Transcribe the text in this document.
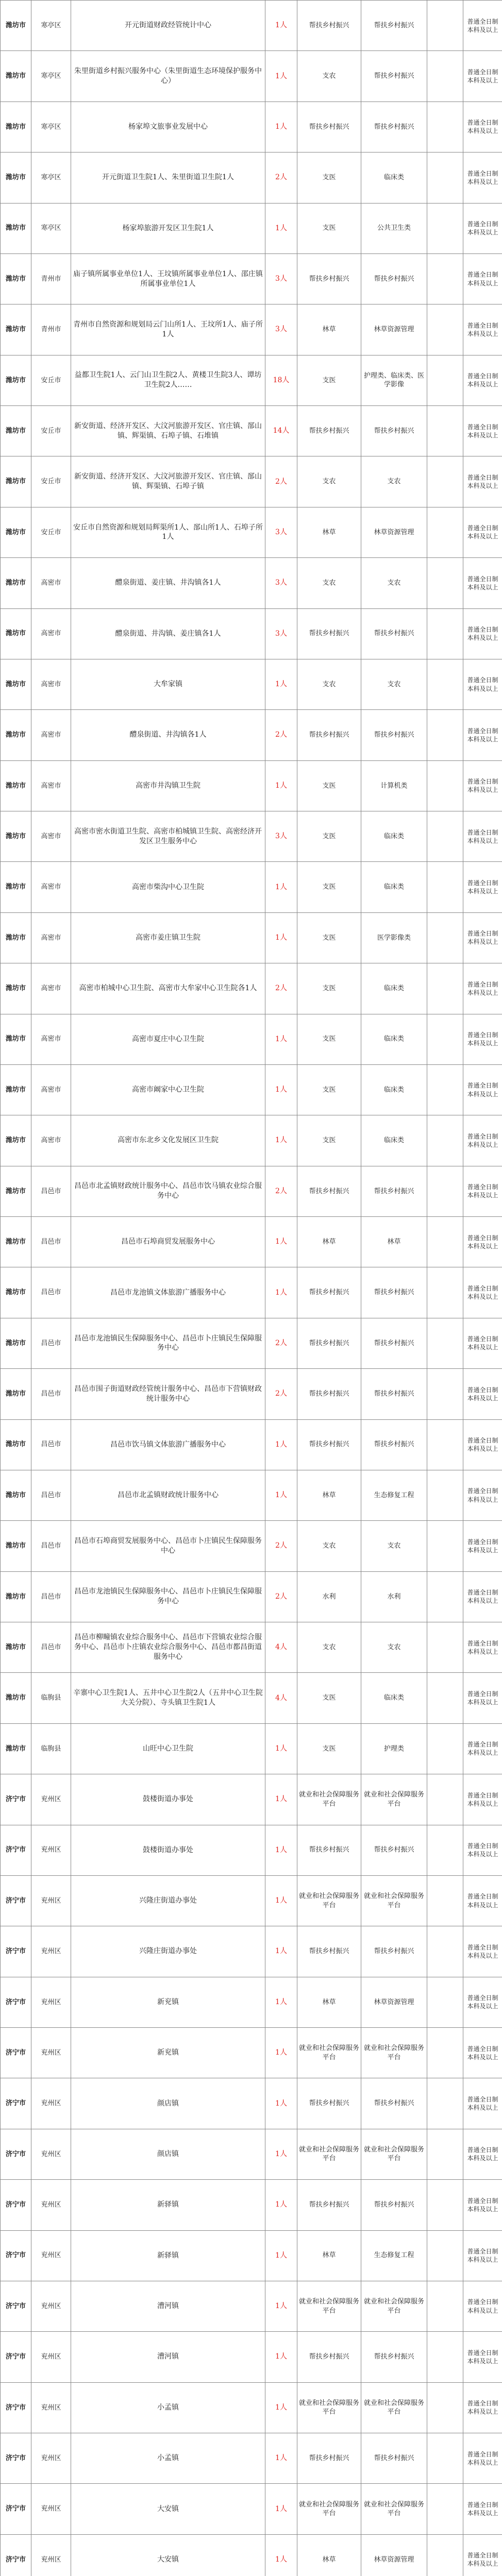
潍坊市	寒亭区	开元街道财政经管统计中心	1人	帮扶乡村振兴	帮扶乡村振兴		普通全日制本科及以上
潍坊市	寒亭区	朱里街道乡村振兴服务中心（朱里街道生态环境保护服务中心）	1人	支农	帮扶乡村振兴		普通全日制本科及以上
潍坊市	寒亭区	杨家埠文旅事业发展中心	1人	帮扶乡村振兴	帮扶乡村振兴		普通全日制本科及以上
潍坊市	寒亭区	开元街道卫生院1人、朱里街道卫生院1人	2人	支医	临床类		普通全日制本科及以上
潍坊市	寒亭区	杨家埠旅游开发区卫生院1人	1人	支医	公共卫生类		普通全日制本科及以上
潍坊市	青州市	庙子镇所属事业单位1人、王坟镇所属事业单位1人、邵庄镇所属事业单位1人	3人	帮扶乡村振兴	帮扶乡村振兴		普通全日制本科及以上
潍坊市	青州市	青州市自然资源和规划局云门山所1人、王坟所1人、庙子所1人	3人	林草	林草资源管理		普通全日制本科及以上
潍坊市	安丘市	益都卫生院1人、云门山卫生院2人、黄楼卫生院3人、谭坊卫生院2人……	18人	支医	护理类、临床类、医学影像		普通全日制本科及以上
潍坊市	安丘市	新安街道、经济开发区、大汶河旅游开发区、官庄镇、郚山镇、辉渠镇、石埠子镇、石堆镇	14人	帮扶乡村振兴	帮扶乡村振兴		普通全日制本科及以上
潍坊市	安丘市	新安街道、经济开发区、大汶河旅游开发区、官庄镇、郚山镇、辉渠镇、石埠子镇	2人	支农	支农		普通全日制本科及以上
潍坊市	安丘市	安丘市自然资源和规划局辉渠所1人、郚山所1人、石埠子所1人	3人	林草	林草资源管理		普通全日制本科及以上
潍坊市	高密市	醴泉街道、姜庄镇、井沟镇各1人	3人	支农	支农		普通全日制本科及以上
潍坊市	高密市	醴泉街道、井沟镇、姜庄镇各1人	3人	帮扶乡村振兴	帮扶乡村振兴		普通全日制本科及以上
潍坊市	高密市	大牟家镇	1人	支农	支农		普通全日制本科及以上
潍坊市	高密市	醴泉街道、井沟镇各1人	2人	帮扶乡村振兴	帮扶乡村振兴		普通全日制本科及以上
潍坊市	高密市	高密市井沟镇卫生院	1人	支医	计算机类		普通全日制本科及以上
潍坊市	高密市	高密市密水街道卫生院、高密市柏城镇卫生院、高密经济开发区卫生服务中心	3人	支医	临床类		普通全日制本科及以上
潍坊市	高密市	高密市柴沟中心卫生院	1人	支医	临床类		普通全日制本科及以上
潍坊市	高密市	高密市姜庄镇卫生院	1人	支医	医学影像类		普通全日制本科及以上
潍坊市	高密市	高密市柏城中心卫生院、高密市大牟家中心卫生院各1人	2人	支医	临床类		普通全日制本科及以上
潍坊市	高密市	高密市夏庄中心卫生院	1人	支医	临床类		普通全日制本科及以上
潍坊市	高密市	高密市阚家中心卫生院	1人	支医	临床类		普通全日制本科及以上
潍坊市	高密市	高密市东北乡文化发展区卫生院	1人	支医	临床类		普通全日制本科及以上
潍坊市	昌邑市	昌邑市北孟镇财政统计服务中心、昌邑市饮马镇农业综合服务中心	2人	帮扶乡村振兴	帮扶乡村振兴		普通全日制本科及以上
潍坊市	昌邑市	昌邑市石埠商贸发展服务中心	1人	林草	林草		普通全日制本科及以上
潍坊市	昌邑市	昌邑市龙池镇文体旅游广播服务中心	1人	帮扶乡村振兴	帮扶乡村振兴		普通全日制本科及以上
潍坊市	昌邑市	昌邑市龙池镇民生保障服务中心、昌邑市卜庄镇民生保障服务中心	2人	帮扶乡村振兴	帮扶乡村振兴		普通全日制本科及以上
潍坊市	昌邑市	昌邑市围子街道财政经管统计服务中心、昌邑市下营镇财政统计服务中心	2人	帮扶乡村振兴	帮扶乡村振兴		普通全日制本科及以上
潍坊市	昌邑市	昌邑市饮马镇文体旅游广播服务中心	1人	帮扶乡村振兴	帮扶乡村振兴		普通全日制本科及以上
潍坊市	昌邑市	昌邑市北孟镇财政统计服务中心	1人	林草	生态修复工程		普通全日制本科及以上
潍坊市	昌邑市	昌邑市石埠商贸发展服务中心、昌邑市卜庄镇民生保障服务中心	2人	支农	支农		普通全日制本科及以上
潍坊市	昌邑市	昌邑市龙池镇民生保障服务中心、昌邑市卜庄镇民生保障服务中心	2人	水利	水利		普通全日制本科及以上
潍坊市	昌邑市	昌邑市柳疃镇农业综合服务中心、昌邑市下营镇农业综合服务中心、昌邑市卜庄镇农业综合服务中心、昌邑市都昌街道服务中心	4人	支农	支农		普通全日制本科及以上
潍坊市	临朐县	辛寨中心卫生院1人、五井中心卫生院2人（五井中心卫生院大关分院）、寺头镇卫生院1人	4人	支医	临床类		普通全日制本科及以上
潍坊市	临朐县	山旺中心卫生院	1人	支医	护理类		普通全日制本科及以上
济宁市	兖州区	鼓楼街道办事处	1人	就业和社会保障服务平台	就业和社会保障服务平台		普通全日制本科及以上
济宁市	兖州区	鼓楼街道办事处	1人	帮扶乡村振兴	帮扶乡村振兴		普通全日制本科及以上
济宁市	兖州区	兴隆庄街道办事处	1人	就业和社会保障服务平台	就业和社会保障服务平台		普通全日制本科及以上
济宁市	兖州区	兴隆庄街道办事处	1人	帮扶乡村振兴	帮扶乡村振兴		普通全日制本科及以上
济宁市	兖州区	新兖镇	1人	林草	林草资源管理		普通全日制本科及以上
济宁市	兖州区	新兖镇	1人	就业和社会保障服务平台	就业和社会保障服务平台		普通全日制本科及以上
济宁市	兖州区	颜店镇	1人	帮扶乡村振兴	帮扶乡村振兴		普通全日制本科及以上
济宁市	兖州区	颜店镇	1人	就业和社会保障服务平台	就业和社会保障服务平台		普通全日制本科及以上
济宁市	兖州区	新驿镇	1人	帮扶乡村振兴	帮扶乡村振兴		普通全日制本科及以上
济宁市	兖州区	新驿镇	1人	林草	生态修复工程		普通全日制本科及以上
济宁市	兖州区	漕河镇	1人	就业和社会保障服务平台	就业和社会保障服务平台		普通全日制本科及以上
济宁市	兖州区	漕河镇	1人	帮扶乡村振兴	帮扶乡村振兴		普通全日制本科及以上
济宁市	兖州区	小孟镇	1人	就业和社会保障服务平台	就业和社会保障服务平台		普通全日制本科及以上
济宁市	兖州区	小孟镇	1人	帮扶乡村振兴	帮扶乡村振兴		普通全日制本科及以上
济宁市	兖州区	大安镇	1人	就业和社会保障服务平台	就业和社会保障服务平台		普通全日制本科及以上
济宁市	兖州区	大安镇	1人	林草	林草资源管理		普通全日制本科及以上
